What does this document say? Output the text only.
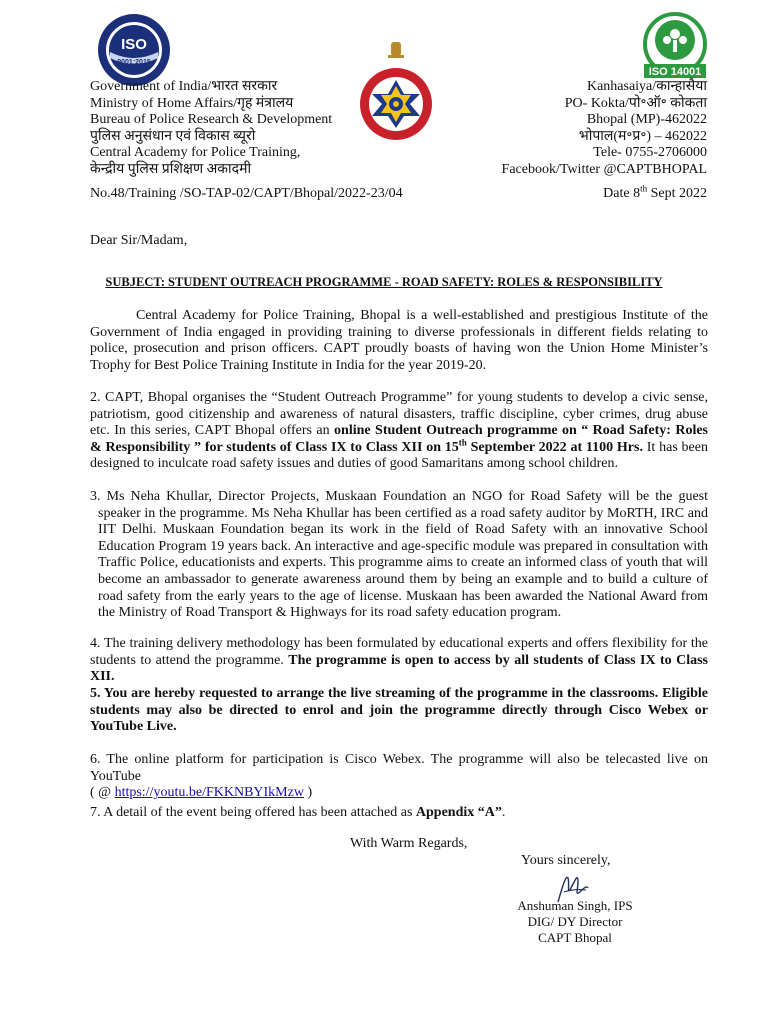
ISO
9001:2015
ISO 14001
Government of India/भारत सरकार
Ministry of Home Affairs/गृह मंत्रालय
Bureau of Police Research & Development
पुलिस अनुसंधान एवं विकास ब्यूरो
Central Academy for Police Training,
केन्द्रीय पुलिस प्रशिक्षण अकादमी
Kanhasaiya/कान्हासैया
PO- Kokta/पो॰ऑ॰ कोकता
Bhopal (MP)-462022
भोपाल(म॰प्र॰) – 462022
Tele- 0755-2706000
Facebook/Twitter @CAPTBHOPAL
No.48/Training /SO-TAP-02/CAPT/Bhopal/2022-23/04	Date 8th Sept 2022
Dear Sir/Madam,
SUBJECT: STUDENT OUTREACH PROGRAMME - ROAD SAFETY: ROLES & RESPONSIBILITY
Central Academy for Police Training, Bhopal is a well-established and prestigious Institute of the Government of India engaged in providing training to diverse professionals in different fields relating to police, prosecution and prison officers. CAPT proudly boasts of having won the Union Home Minister’s Trophy for Best Police Training Institute in India for the year 2019-20.
2. CAPT, Bhopal organises the “Student Outreach Programme” for young students to develop a civic sense, patriotism, good citizenship and awareness of natural disasters, traffic discipline, cyber crimes, drug abuse etc. In this series, CAPT Bhopal offers an online Student Outreach programme on “ Road Safety: Roles & Responsibility ” for students of Class IX to Class XII on 15th September 2022 at 1100 Hrs. It has been designed to inculcate road safety issues and duties of good Samaritans among school children.
3. Ms Neha Khullar, Director Projects, Muskaan Foundation an NGO for Road Safety will be the guest speaker in the programme. Ms Neha Khullar has been certified as a road safety auditor by MoRTH, IRC and IIT Delhi. Muskaan Foundation began its work in the field of Road Safety with an innovative School Education Program 19 years back. An interactive and age-specific module was prepared in consultation with Traffic Police, educationists and experts. This programme aims to create an informed class of youth that will become an ambassador to generate awareness around them by being an example and to build a culture of road safety from the early years to the age of license. Muskaan has been awarded the National Award from the Ministry of Road Transport & Highways for its road safety education program.
4. The training delivery methodology has been formulated by educational experts and offers flexibility for the students to attend the programme. The programme is open to access by all students of Class IX to Class XII.
5. You are hereby requested to arrange the live streaming of the programme in the classrooms. Eligible students may also be directed to enrol and join the programme directly through Cisco Webex or YouTube Live.
6. The online platform for participation is Cisco Webex. The programme will also be telecasted live on YouTube
( @ https://youtu.be/FKKNBYIkMzw )
7. A detail of the event being offered has been attached as Appendix “A”.
With Warm Regards,
Yours sincerely,
Anshuman Singh, IPS
DIG/ DY Director
CAPT Bhopal
